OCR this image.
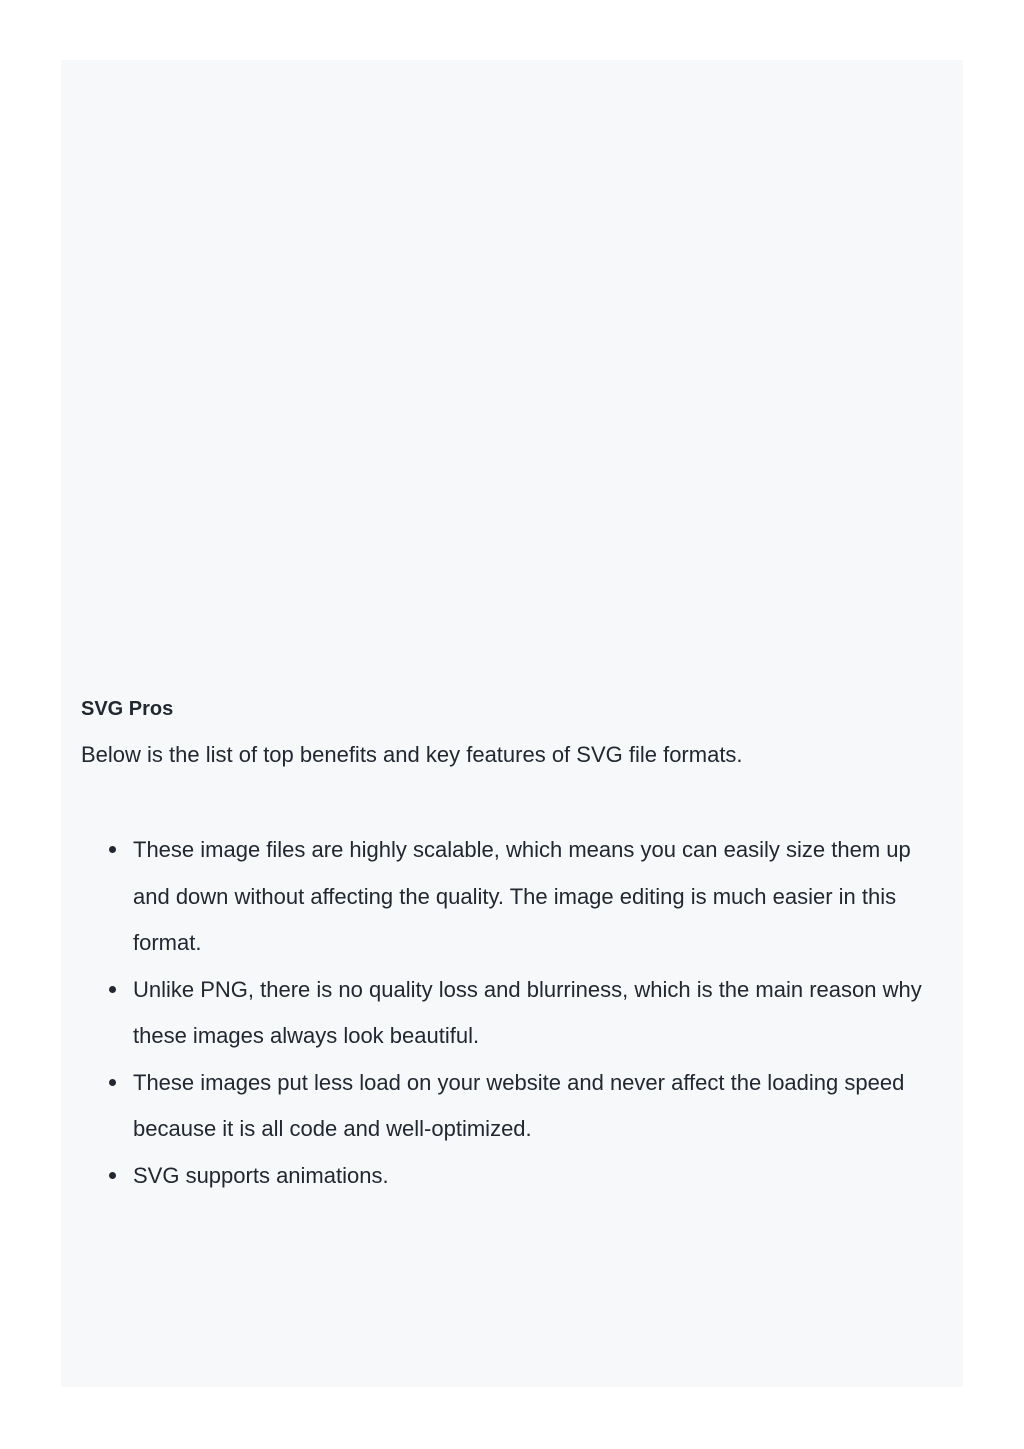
SVG Pros

Below is the list of top benefits and key features of SVG file formats.

These image files are highly scalable, which means you can easily size them up and down without affecting the quality. The image editing is much easier in this format.
Unlike PNG, there is no quality loss and blurriness, which is the main reason why these images always look beautiful.
These images put less load on your website and never affect the loading speed because it is all code and well-optimized.
SVG supports animations.
